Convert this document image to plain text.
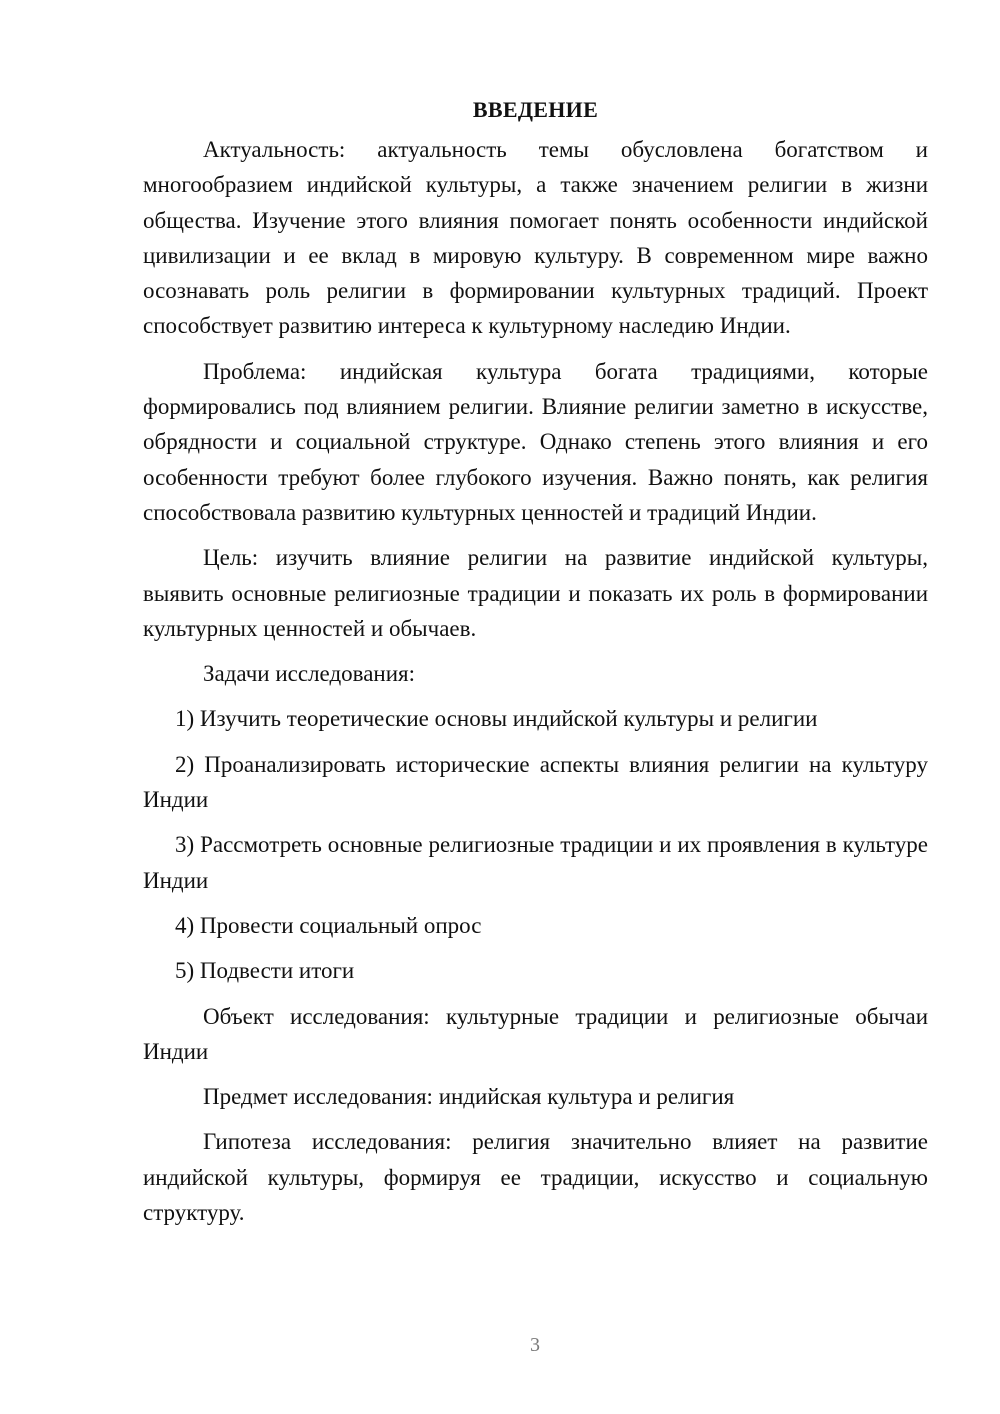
ВВЕДЕНИЕ

Актуальность: актуальность темы обусловлена богатством и многообразием индийской культуры, а также значением религии в жизни общества. Изучение этого влияния помогает понять особенности индийской цивилизации и ее вклад в мировую культуру. В современном мире важно осознавать роль религии в формировании культурных традиций. Проект способствует развитию интереса к культурному наследию Индии.

Проблема: индийская культура богата традициями, которые формировались под влиянием религии. Влияние религии заметно в искусстве, обрядности и социальной структуре. Однако степень этого влияния и его особенности требуют более глубокого изучения. Важно понять, как религия способствовала развитию культурных ценностей и традиций Индии.

Цель: изучить влияние религии на развитие индийской культуры, выявить основные религиозные традиции и показать их роль в формировании культурных ценностей и обычаев.

Задачи исследования:

1) Изучить теоретические основы индийской культуры и религии

2) Проанализировать исторические аспекты влияния религии на культуру Индии

3) Рассмотреть основные религиозные традиции и их проявления в культуре Индии

4) Провести социальный опрос

5) Подвести итоги

Объект исследования: культурные традиции и религиозные обычаи Индии

Предмет исследования: индийская культура и религия

Гипотеза исследования: религия значительно влияет на развитие индийской культуры, формируя ее традиции, искусство и социальную структуру.

3
